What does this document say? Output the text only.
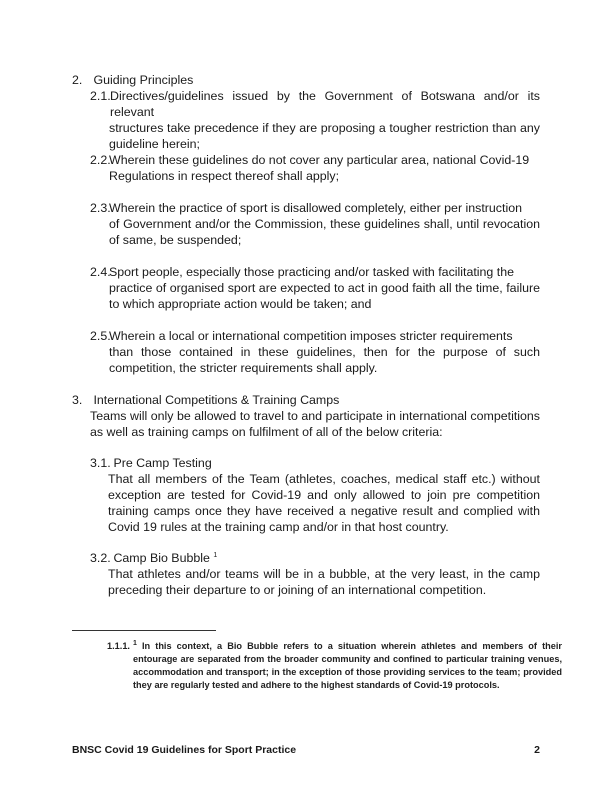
2. Guiding Principles
2.1. Directives/guidelines issued by the Government of Botswana and/or its relevant
structures take precedence if they are proposing a tougher restriction than any guideline herein;
2.2.
Wherein these guidelines do not cover any particular area, national Covid-19
Regulations in respect thereof shall apply;
2.3.
Wherein the practice of sport is disallowed completely, either per instruction
of Government and/or the Commission, these guidelines shall, until revocation of same, be suspended;
2.4.
Sport people, especially those practicing and/or tasked with facilitating the
practice of organised sport are expected to act in good faith all the time, failure to which appropriate action would be taken; and
2.5.
Wherein a local or international competition imposes stricter requirements
than those contained in these guidelines, then for the purpose of such competition, the stricter requirements shall apply.
3. International Competitions & Training Camps
Teams will only be allowed to travel to and participate in international competitions as well as training camps on fulfilment of all of the below criteria:
3.1. Pre Camp Testing
That all members of the Team (athletes, coaches, medical staff etc.) without exception are tested for Covid-19 and only allowed to join pre competition training camps once they have received a negative result and complied with Covid 19 rules at the training camp and/or in that host country.
3.2. Camp Bio Bubble $^1$
That athletes and/or teams will be in a bubble, at the very least, in the camp preceding their departure to or joining of an international competition.
1.1.1. $^1$ In this context, a Bio Bubble refers to a situation wherein athletes and members of their entourage are separated from the broader community and confined to particular training venues, accommodation and transport; in the exception of those providing services to the team; provided they are regularly tested and adhere to the highest standards of Covid-19 protocols.
BNSC Covid 19 Guidelines for Sport Practice	2
